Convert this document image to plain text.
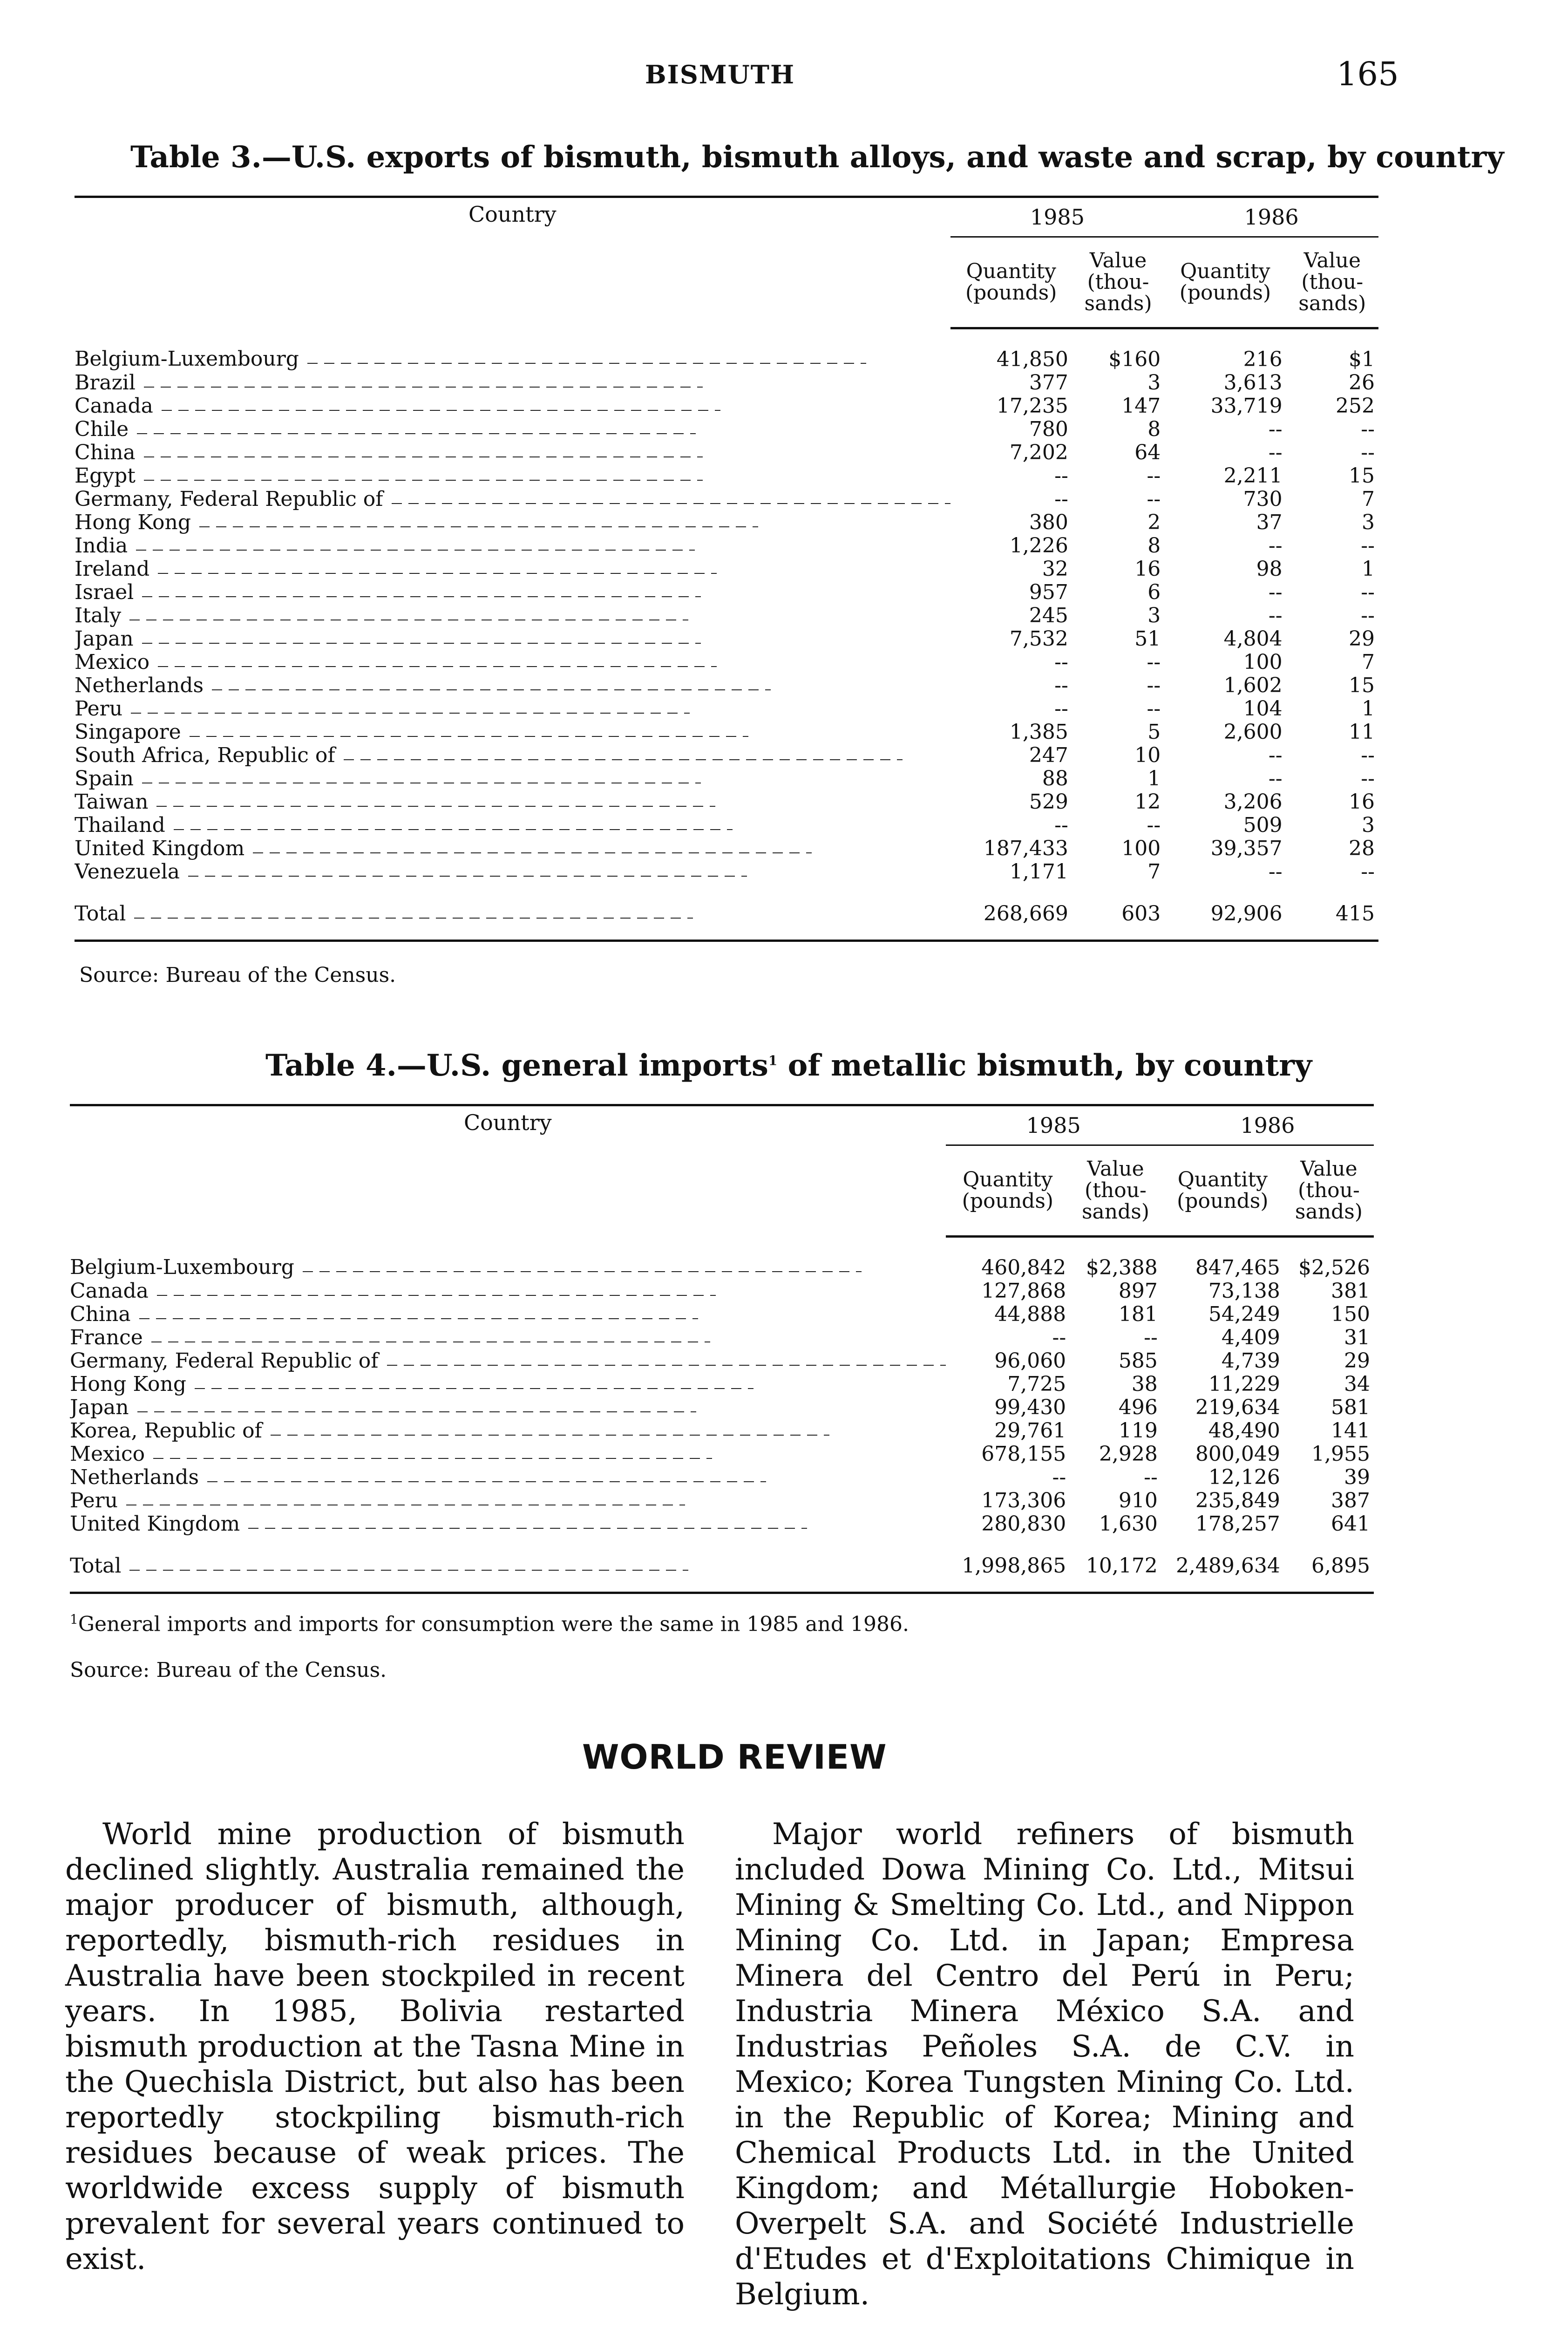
BISMUTH	165
Table 3.—U.S. exports of bismuth, bismuth alloys, and waste and scrap, by country
Country	1985		1986	
	Quantity (pounds)	Value (thou- sands)	Quantity (pounds)	Value (thou- sands)
Belgium-Luxembourg	41,850	$160	216	$1
Brazil	377	3	3,613	26
Canada	17,235	147	33,719	252
Chile	780	8	--	--
China	7,202	64	--	--
Egypt	--	--	2,211	15
Germany, Federal Republic of	--	--	730	7
Hong Kong	380	2	37	3
India	1,226	8	--	--
Ireland	32	16	98	1
Israel	957	6	--	--
Italy	245	3	--	--
Japan	7,532	51	4,804	29
Mexico	--	--	100	7
Netherlands	--	--	1,602	15
Peru	--	--	104	1
Singapore	1,385	5	2,600	11
South Africa, Republic of	247	10	--	--
Spain	88	1	--	--
Taiwan	529	12	3,206	16
Thailand	--	--	509	3
United Kingdom	187,433	100	39,357	28
Venezuela	1,171	7	--	--
Total	268,669	603	92,906	415
Source: Bureau of the Census.
Table 4.—U.S. general imports$^1$ of metallic bismuth, by country
Country	1985		1986	
	Quantity (pounds)	Value (thou- sands)	Quantity (pounds)	Value (thou- sands)
Belgium-Luxembourg	460,842	$2,388	847,465	$2,526
Canada	127,868	897	73,138	381
China	44,888	181	54,249	150
France	--	--	4,409	31
Germany, Federal Republic of	96,060	585	4,739	29
Hong Kong	7,725	38	11,229	34
Japan	99,430	496	219,634	581
Korea, Republic of	29,761	119	48,490	141
Mexico	678,155	2,928	800,049	1,955
Netherlands	--	--	12,126	39
Peru	173,306	910	235,849	387
United Kingdom	280,830	1,630	178,257	641
Total	1,998,865	10,172	2,489,634	6,895
$^1$General imports and imports for consumption were the same in 1985 and 1986.
Source: Bureau of the Census.
WORLD REVIEW
World mine production of bismuth declined slightly. Australia remained the major producer of bismuth, although, reportedly, bismuth-rich residues in Australia have been stockpiled in recent years. In 1985, Bolivia restarted bismuth production at the Tasna Mine in the Quechisla District, but also has been reportedly stockpiling bismuth-rich residues because of weak prices. The worldwide excess supply of bismuth prevalent for several years continued to exist.
Major world refiners of bismuth included Dowa Mining Co. Ltd., Mitsui Mining & Smelting Co. Ltd., and Nippon Mining Co. Ltd. in Japan; Empresa Minera del Centro del Perú in Peru; Industria Minera México S.A. and Industrias Peñoles S.A. de C.V. in Mexico; Korea Tungsten Mining Co. Ltd. in the Republic of Korea; Mining and Chemical Products Ltd. in the United Kingdom; and Métallurgie Hoboken-Overpelt S.A. and Société Industrielle d'Etudes et d'Exploitations Chimique in Belgium.
